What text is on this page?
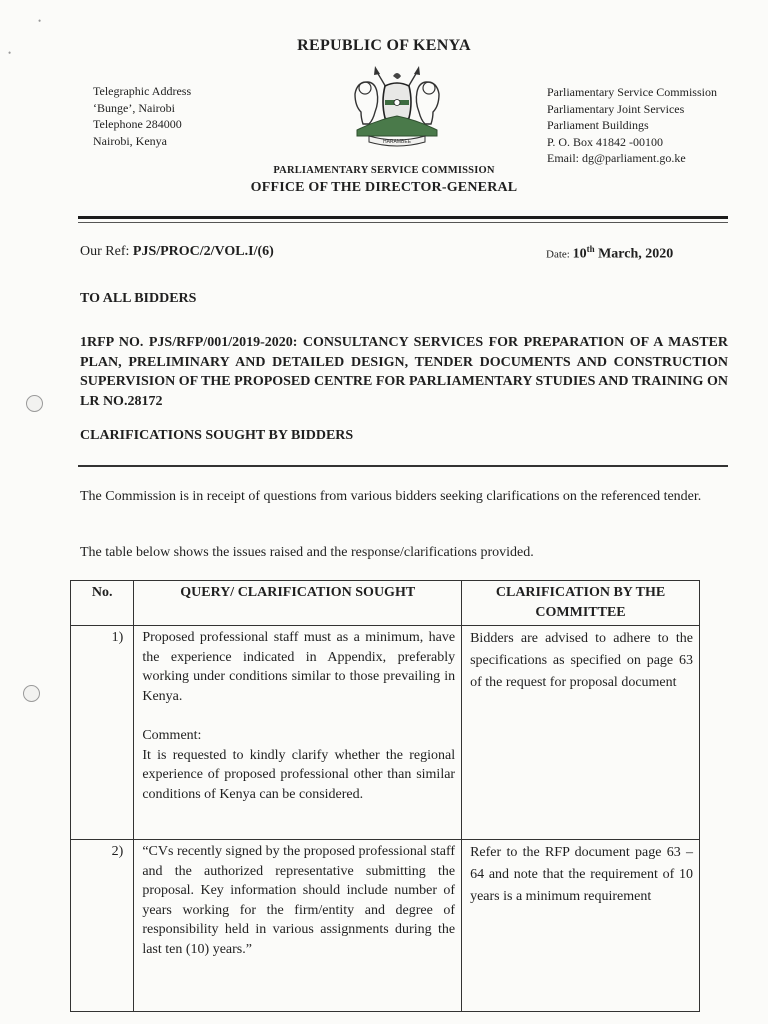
•
•	REPUBLIC OF KENYA
Telegraphic Address
‘Bunge’, Nairobi
Telephone 284000
Nairobi, Kenya	HARAMBEE
Parliamentary Service Commission
Parliamentary Joint Services
Parliament Buildings
P. O. Box 41842 -00100
Email: dg@parliament.go.ke
PARLIAMENTARY SERVICE COMMISSION
OFFICE OF THE DIRECTOR-GENERAL
Our Ref: PJS/PROC/2/VOL.I/(6)	Date: 10th March, 2020
TO ALL BIDDERS
1RFP NO. PJS/RFP/001/2019-2020: CONSULTANCY SERVICES FOR PREPARATION OF A MASTER PLAN, PRELIMINARY AND DETAILED DESIGN, TENDER DOCUMENTS AND CONSTRUCTION SUPERVISION OF THE PROPOSED CENTRE FOR PARLIAMENTARY STUDIES AND TRAINING ON LR NO.28172
CLARIFICATIONS SOUGHT BY BIDDERS
The Commission is in receipt of questions from various bidders seeking clarifications on the referenced tender.
The table below shows the issues raised and the response/clarifications provided.
No.	QUERY/ CLARIFICATION SOUGHT	CLARIFICATION BY THE COMMITTEE
1)	Proposed professional staff must as a minimum, have the experience indicated in Appendix, preferably working under conditions similar to those prevailing in Kenya.
Comment:
It is requested to kindly clarify whether the regional experience of proposed professional other than similar conditions of Kenya can be considered.	Bidders are advised to adhere to the specifications as specified on page 63 of the request for proposal document
2)	“CVs recently signed by the proposed professional staff and the authorized representative submitting the proposal. Key information should include number of years working for the firm/entity and degree of responsibility held in various assignments during the last ten (10) years.”	Refer to the RFP document page 63 – 64 and note that the requirement of 10 years is a minimum requirement
